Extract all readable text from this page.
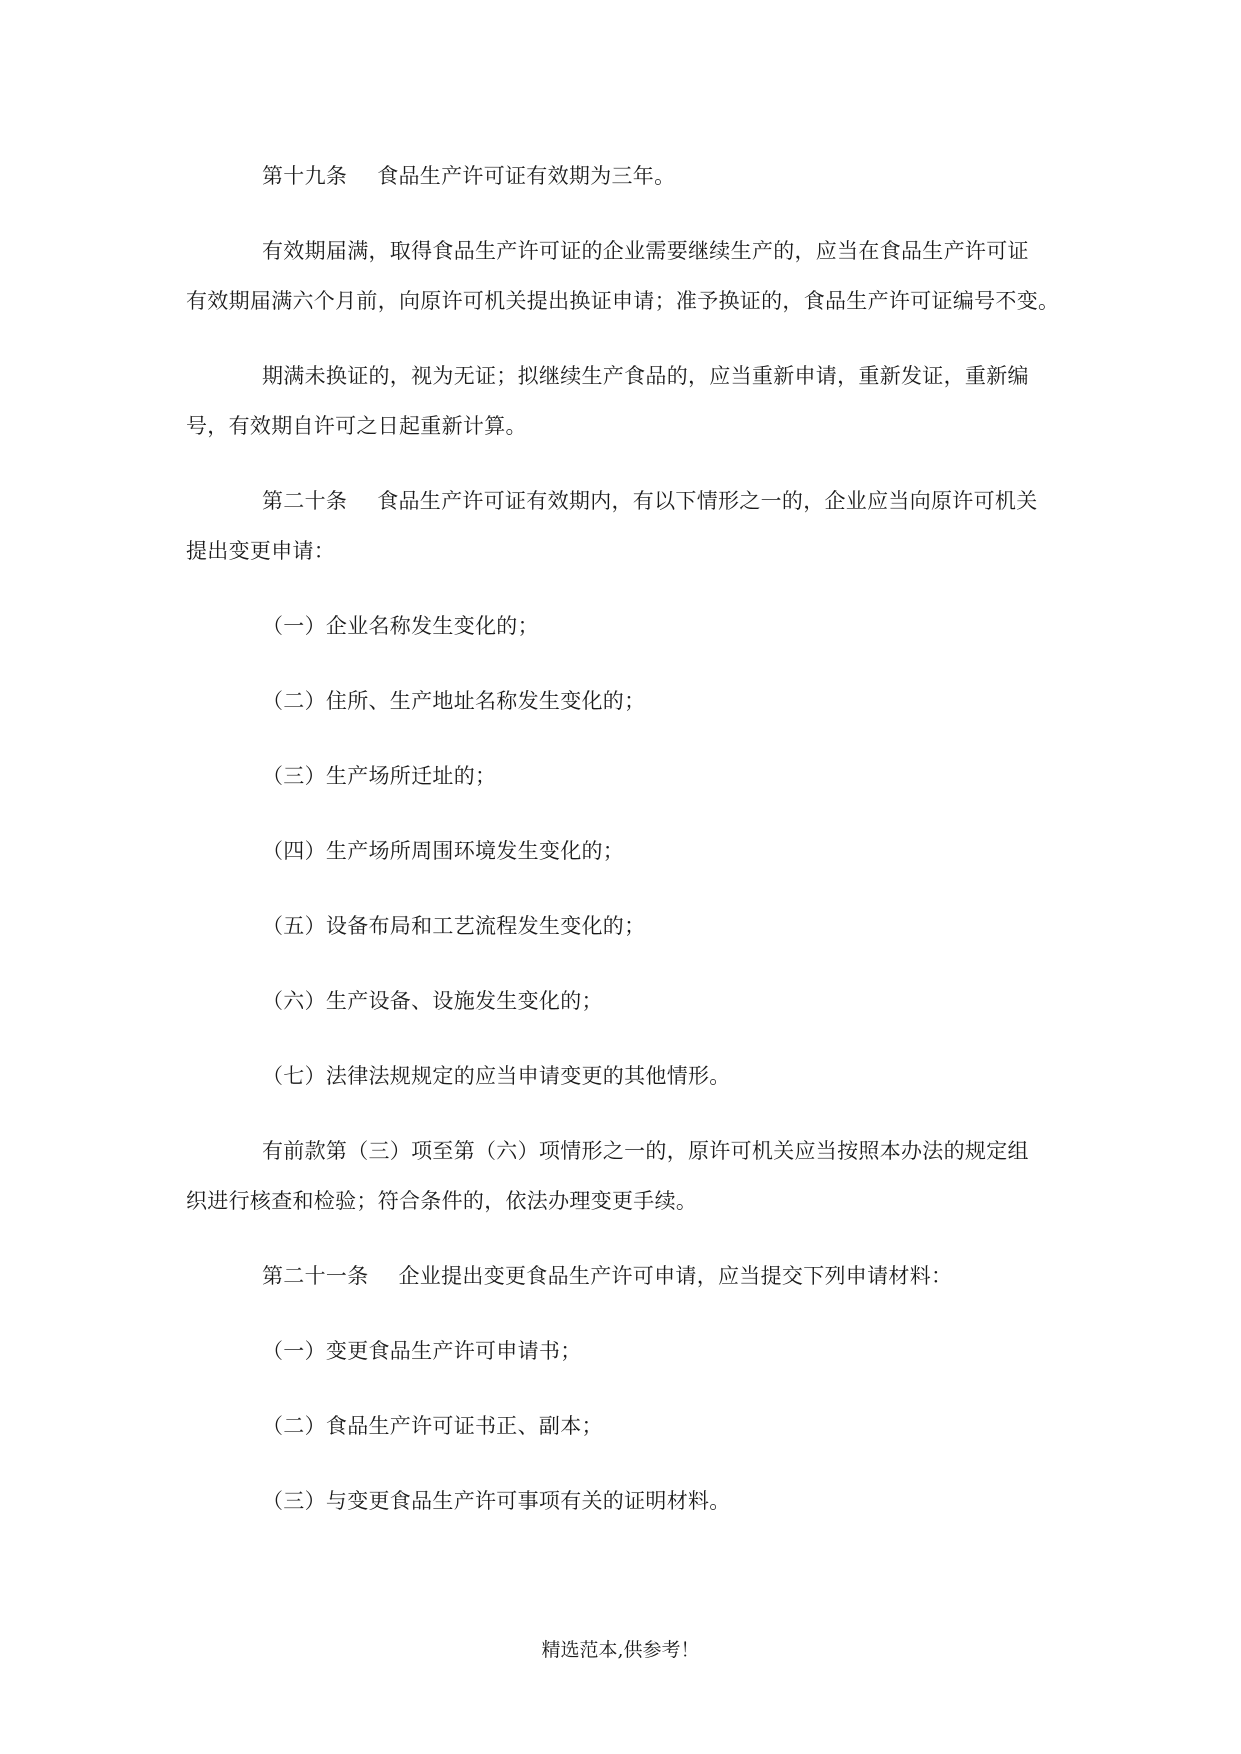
第十九条 食品生产许可证有效期为三年。
有效期届满，取得食品生产许可证的企业需要继续生产的，应当在食品生产许可证
有效期届满六个月前，向原许可机关提出换证申请；准予换证的，食品生产许可证编号不变。
期满未换证的，视为无证；拟继续生产食品的，应当重新申请，重新发证，重新编
号，有效期自许可之日起重新计算。
第二十条 食品生产许可证有效期内，有以下情形之一的，企业应当向原许可机关
提出变更申请：
（一）企业名称发生变化的；
（二）住所、生产地址名称发生变化的；
（三）生产场所迁址的；
（四）生产场所周围环境发生变化的；
（五）设备布局和工艺流程发生变化的；
（六）生产设备、设施发生变化的；
（七）法律法规规定的应当申请变更的其他情形。
有前款第（三）项至第（六）项情形之一的，原许可机关应当按照本办法的规定组
织进行核查和检验；符合条件的，依法办理变更手续。
第二十一条 企业提出变更食品生产许可申请，应当提交下列申请材料：
（一）变更食品生产许可申请书；
（二）食品生产许可证书正、副本；
（三）与变更食品生产许可事项有关的证明材料。
精选范本,供参考！
